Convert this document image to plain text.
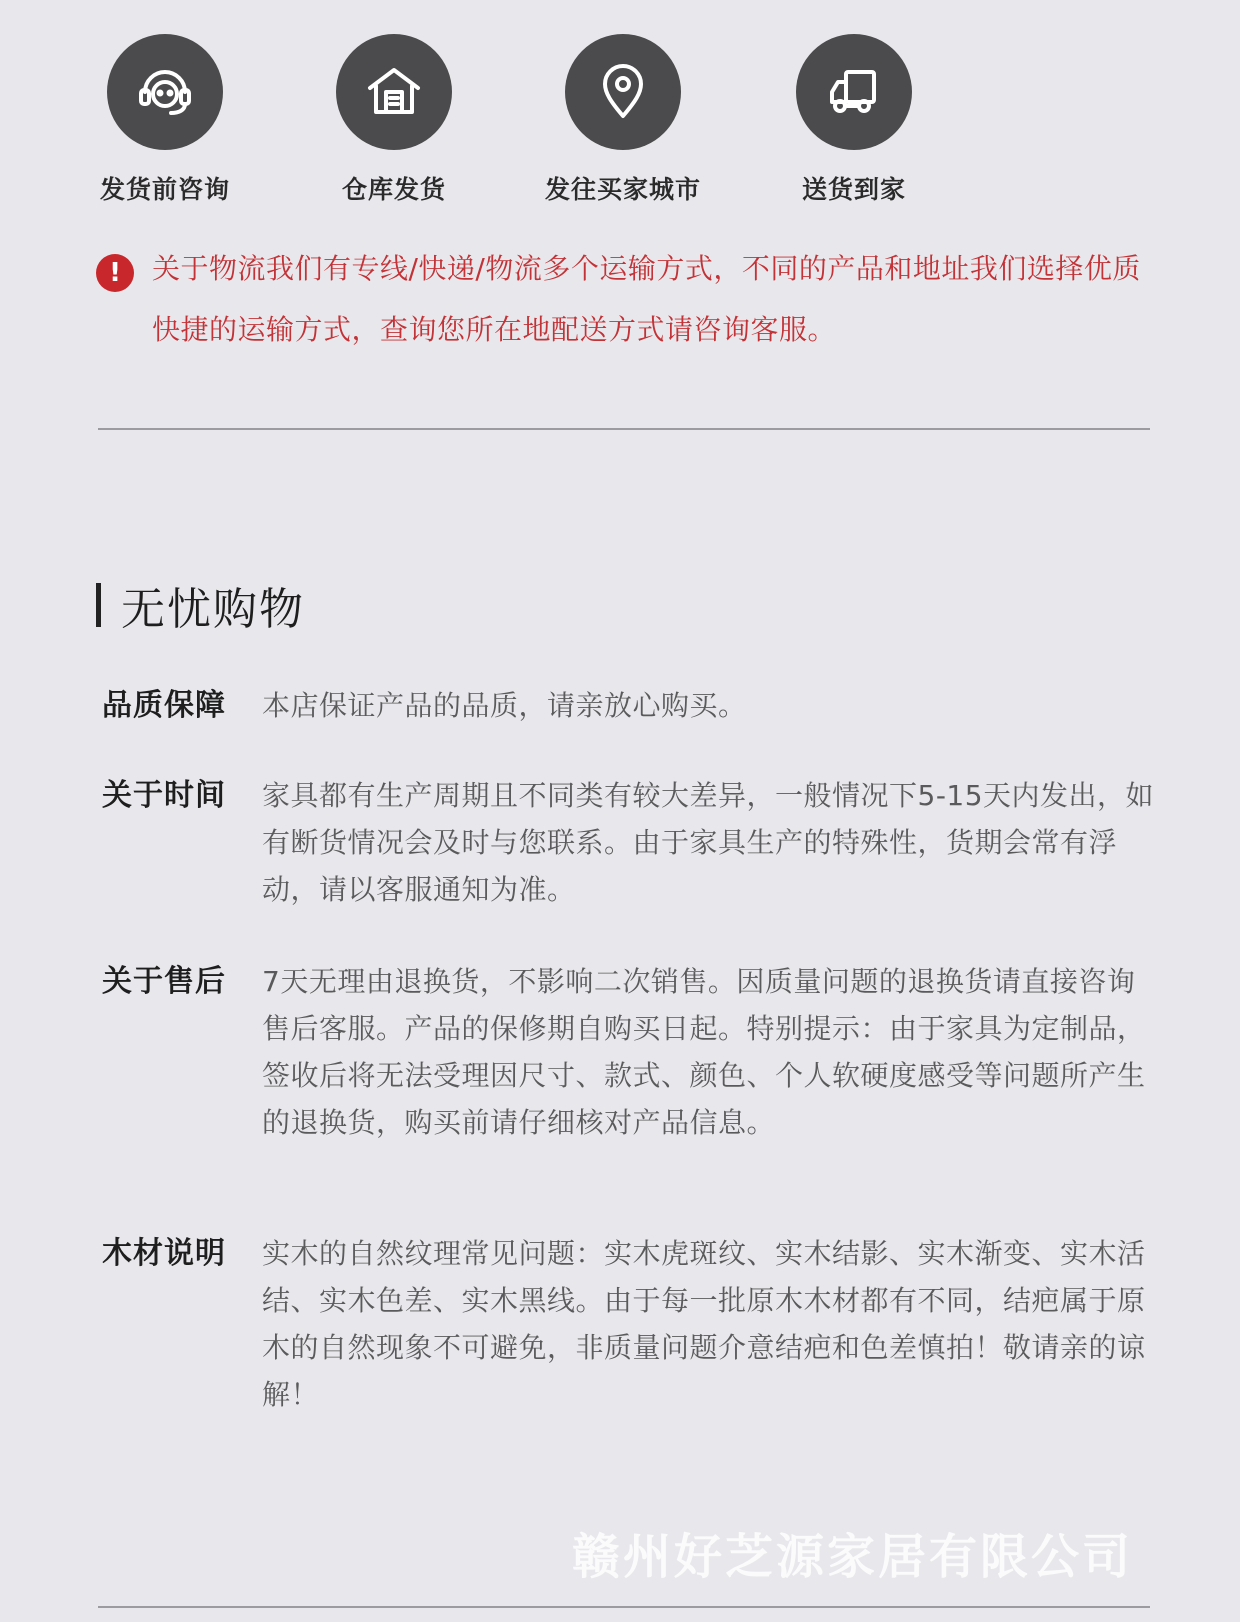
发货前咨询	仓库发货	发往买家城市	送货到家
!	关于物流我们有专线/快递/物流多个运输方式，不同的产品和地址我们选择优质快捷的运输方式，查询您所在地配送方式请咨询客服。
无忧购物
品质保障 本店保证产品的品质，请亲放心购买。
关于时间 家具都有生产周期且不同类有较大差异，一般情况下5-15天内发出，如有断货情况会及时与您联系。由于家具生产的特殊性，货期会常有浮动，请以客服通知为准。
关于售后 7天无理由退换货，不影响二次销售。因质量问题的退换货请直接咨询售后客服。产品的保修期自购买日起。特别提示：由于家具为定制品，签收后将无法受理因尺寸、款式、颜色、个人软硬度感受等问题所产生的退换货，购买前请仔细核对产品信息。
木材说明 实木的自然纹理常见问题：实木虎斑纹、实木结影、实木渐变、实木活结、实木色差、实木黑线。由于每一批原木木材都有不同，结疤属于原木的自然现象不可避免，非质量问题介意结疤和色差慎拍！敬请亲的谅解！
赣州好芝源家居有限公司
